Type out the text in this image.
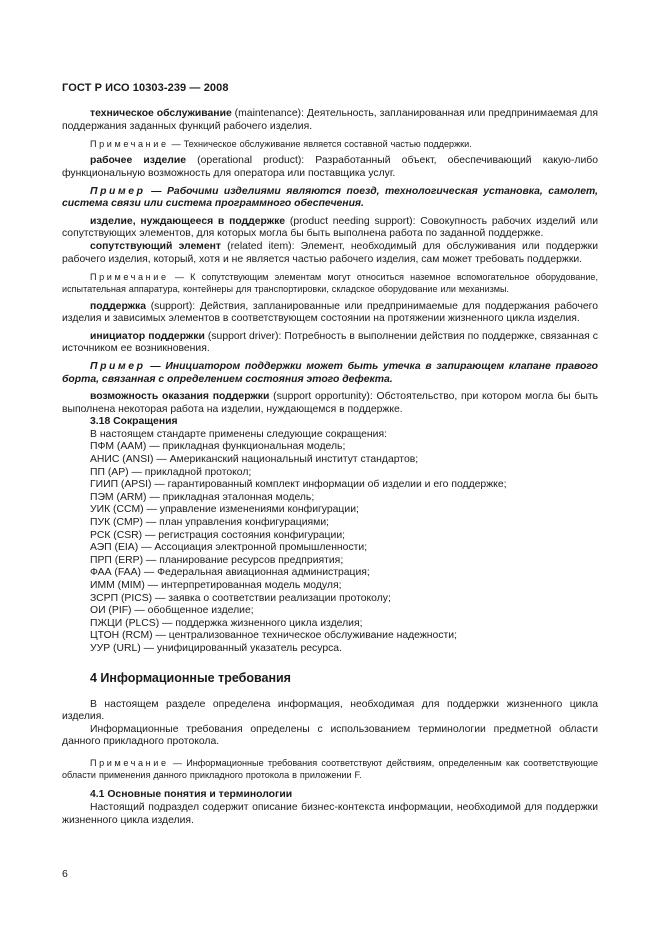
ГОСТ Р ИСО 10303-239 — 2008

техническое обслуживание (maintenance): Деятельность, запланированная или предпринимаемая для поддержания заданных функций рабочего изделия.

Примечание — Техническое обслуживание является составной частью поддержки.

рабочее изделие (operational product): Разработанный объект, обеспечивающий какую-либо функциональную возможность для оператора или поставщика услуг.

Пример — Рабочими изделиями являются поезд, технологическая установка, самолет, система связи или система программного обеспечения.

изделие, нуждающееся в поддержке (product needing support): Совокупность рабочих изделий или сопутствующих элементов, для которых могла бы быть выполнена работа по заданной поддержке.

сопутствующий элемент (related item): Элемент, необходимый для обслуживания или поддержки рабочего изделия, который, хотя и не является частью рабочего изделия, сам может требовать поддержки.

Примечание — К сопутствующим элементам могут относиться наземное вспомогательное оборудование, испытательная аппаратура, контейнеры для транспортировки, складское оборудование или механизмы.

поддержка (support): Действия, запланированные или предпринимаемые для поддержания рабочего изделия и зависимых элементов в соответствующем состоянии на протяжении жизненного цикла изделия.

инициатор поддержки (support driver): Потребность в выполнении действия по поддержке, связанная с источником ее возникновения.

Пример — Инициатором поддержки может быть утечка в запирающем клапане правого борта, связанная с определением состояния этого дефекта.

возможность оказания поддержки (support opportunity): Обстоятельство, при котором могла бы быть выполнена некоторая работа на изделии, нуждающемся в поддержке.

3.18 Сокращения

В настоящем стандарте применены следующие сокращения:

ПФМ (AAM) — прикладная функциональная модель;
АНИС (ANSI) — Американский национальный институт стандартов;
ПП (AP) — прикладной протокол;
ГИИП (APSI) — гарантированный комплект информации об изделии и его поддержке;
ПЭМ (ARM) — прикладная эталонная модель;
УИК (CCM) — управление изменениями конфигурации;
ПУК (CMP) — план управления конфигурациями;
РСК (CSR) — регистрация состояния конфигурации;
АЭП (EIA) — Ассоциация электронной промышленности;
ПРП (ERP) — планирование ресурсов предприятия;
ФАА (FAA) — Федеральная авиационная администрация;
ИММ (MIM) — интерпретированная модель модуля;
ЗСРП (PICS) — заявка о соответствии реализации протоколу;
ОИ (PIF) — обобщенное изделие;
ПЖЦИ (PLCS) — поддержка жизненного цикла изделия;
ЦТОН (RCM) — централизованное техническое обслуживание надежности;
УУР (URL) — унифицированный указатель ресурса.
4 Информационные требования

В настоящем разделе определена информация, необходимая для поддержки жизненного цикла изделия.

Информационные требования определены с использованием терминологии предметной области данного прикладного протокола.

Примечание — Информационные требования соответствуют действиям, определенным как соответствующие области применения данного прикладного протокола в приложении F.

4.1 Основные понятия и терминологии

Настоящий подраздел содержит описание бизнес-контекста информации, необходимой для поддержки жизненного цикла изделия.

6
